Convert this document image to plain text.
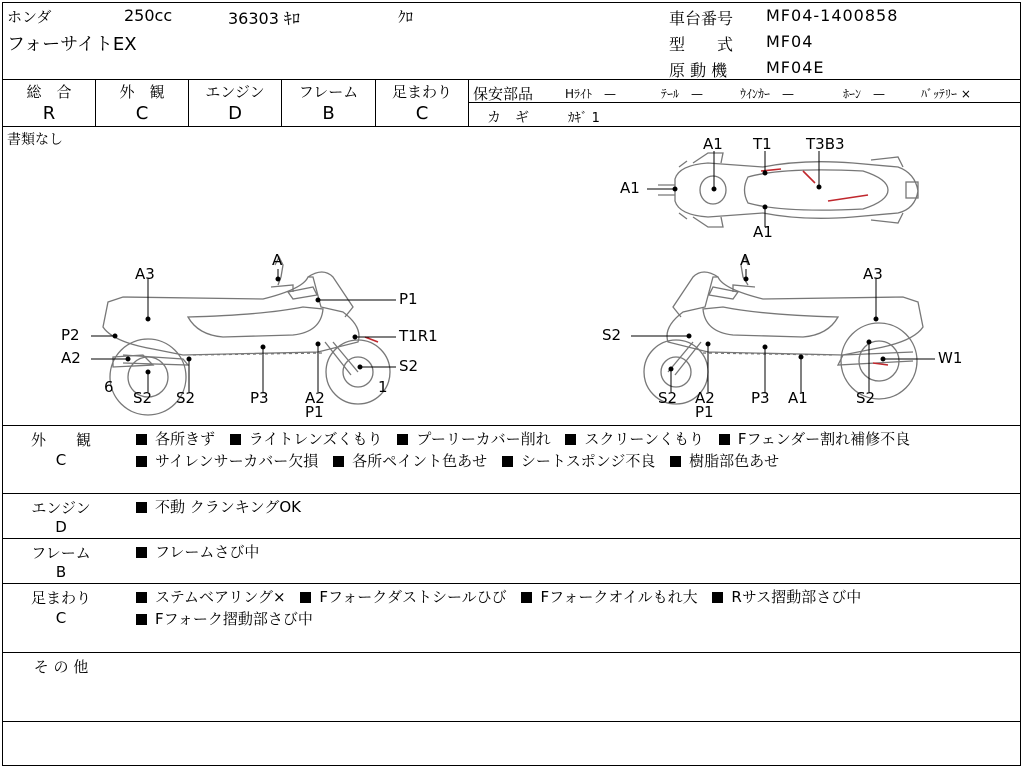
ホンダ	250cc	36303 ｷﾛ	ｸﾛ
フォーサイトEX
車台番号 MF04-1400858
型　　式 MF04
原 動 機 MF04E
総　合
R
外　観
C
エンジン
D
フレーム
B
足まわり
C
保安部品	Hﾗｲﾄ　—	ﾃｰﾙ　—	ｳｲﾝｶｰ　—	ﾎｰﾝ　—	ﾊﾞｯﾃﾘｰ ×
カ　ギ	ｶｷﾞ 1
書類なし	A1 T1 T3B3
A1
A1
A
A3
P1
P2	T1R1
A2	S2
6	1
S2 S2	P3 A2
P1
A
A3
S2
W1
S2 A2
P1
P3 A1	S2
外　　観
C
各所きず ライトレンズくもり プーリーカバー削れ スクリーンくもり Fフェンダー割れ補修不良
サイレンサーカバー欠損 各所ペイント色あせ シートスポンジ不良 樹脂部色あせ
エンジン
D
不動 クランキングOK
フレーム
B
フレームさび中
足まわり
C
ステムベアリング× Fフォークダストシールひび Fフォークオイルもれ大 Rサス摺動部さび中
Fフォーク摺動部さび中
そ の 他
